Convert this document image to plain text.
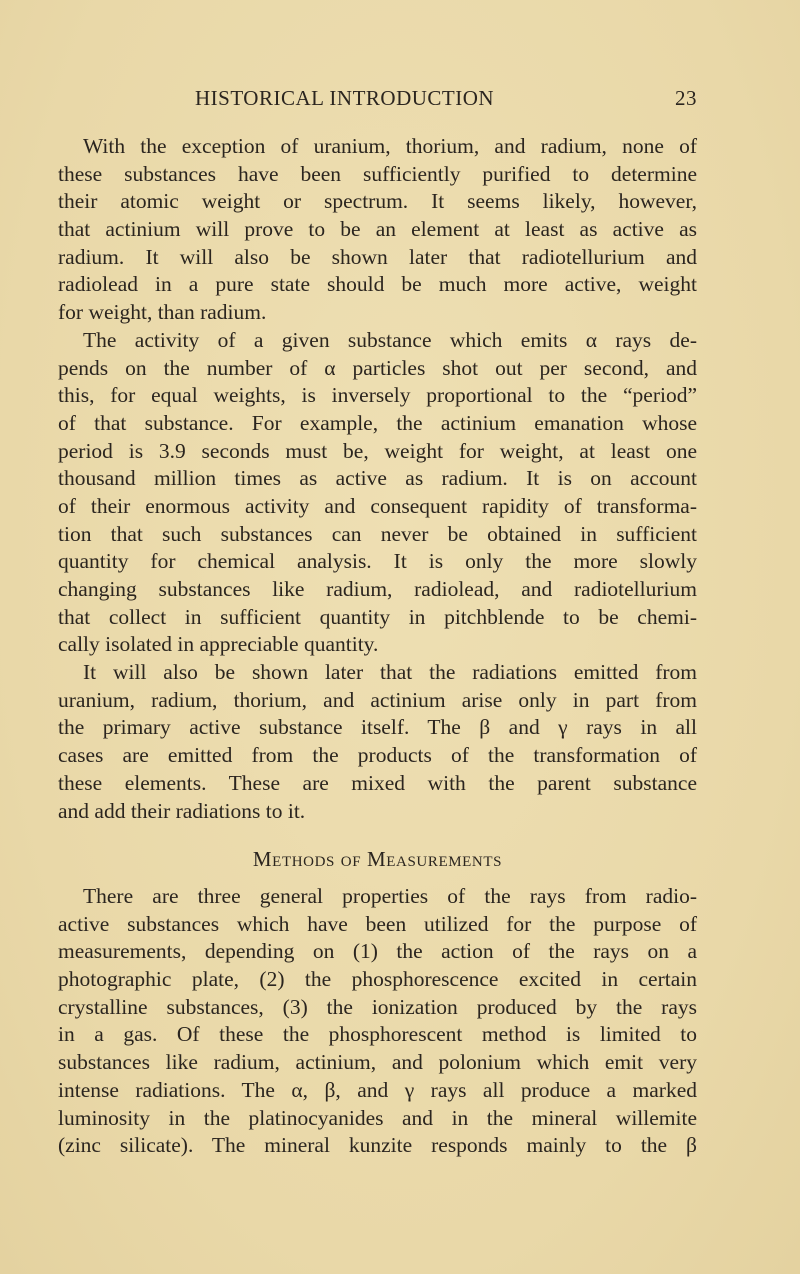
HISTORICAL INTRODUCTION	23
With the exception of uranium, thorium, and radium, none of
these substances have been sufficiently purified to determine
their atomic weight or spectrum. It seems likely, however,
that actinium will prove to be an element at least as active as
radium. It will also be shown later that radiotellurium and
radiolead in a pure state should be much more active, weight
for weight, than radium.
The activity of a given substance which emits α rays de-
pends on the number of α particles shot out per second, and
this, for equal weights, is inversely proportional to the “period”
of that substance. For example, the actinium emanation whose
period is 3.9 seconds must be, weight for weight, at least one
thousand million times as active as radium. It is on account
of their enormous activity and consequent rapidity of transforma-
tion that such substances can never be obtained in sufficient
quantity for chemical analysis. It is only the more slowly
changing substances like radium, radiolead, and radiotellurium
that collect in sufficient quantity in pitchblende to be chemi-
cally isolated in appreciable quantity.
It will also be shown later that the radiations emitted from
uranium, radium, thorium, and actinium arise only in part from
the primary active substance itself. The β and γ rays in all
cases are emitted from the products of the transformation of
these elements. These are mixed with the parent substance
and add their radiations to it.
Methods of Measurements
There are three general properties of the rays from radio-
active substances which have been utilized for the purpose of
measurements, depending on (1) the action of the rays on a
photographic plate, (2) the phosphorescence excited in certain
crystalline substances, (3) the ionization produced by the rays
in a gas. Of these the phosphorescent method is limited to
substances like radium, actinium, and polonium which emit very
intense radiations. The α, β, and γ rays all produce a marked
luminosity in the platinocyanides and in the mineral willemite
(zinc silicate). The mineral kunzite responds mainly to the β
